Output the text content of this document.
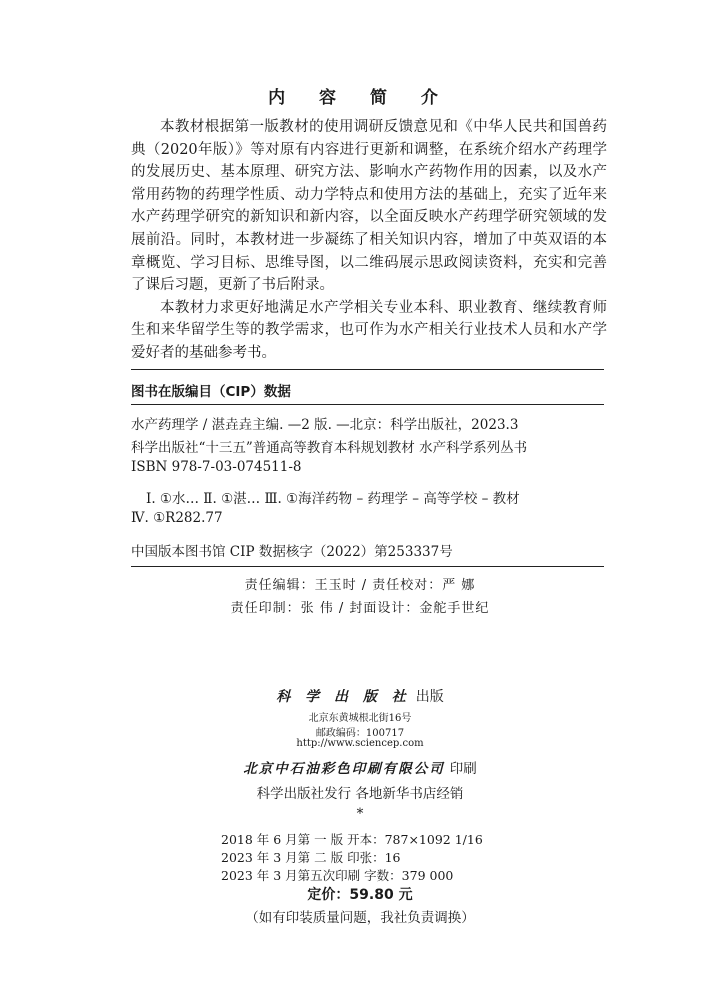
内 容 简 介

本教材根据第一版教材的使用调研反馈意见和《中华人民共和国兽药典（2020年版）》等对原有内容进行更新和调整，在系统介绍水产药理学的发展历史、基本原理、研究方法、影响水产药物作用的因素，以及水产常用药物的药理学性质、动力学特点和使用方法的基础上，充实了近年来水产药理学研究的新知识和新内容，以全面反映水产药理学研究领域的发展前沿。同时，本教材进一步凝练了相关知识内容，增加了中英双语的本章概览、学习目标、思维导图，以二维码展示思政阅读资料，充实和完善了课后习题，更新了书后附录。

本教材力求更好地满足水产学相关专业本科、职业教育、继续教育师生和来华留学生等的教学需求，也可作为水产相关行业技术人员和水产学爱好者的基础参考书。

图书在版编目（CIP）数据
水产药理学 / 湛垚垚主编. —2 版. —北京：科学出版社，2023.3
科学出版社“十三五”普通高等教育本科规划教材 水产科学系列丛书
ISBN 978-7-03-074511-8
Ⅰ. ①水… Ⅱ. ①湛… Ⅲ. ①海洋药物 – 药理学 – 高等学校 – 教材
Ⅳ. ①R282.77
中国版本图书馆 CIP 数据核字（2022）第253337号
责任编辑：王玉时 / 责任校对：严 娜
责任印制：张 伟 / 封面设计：金舵手世纪
科 学 出 版 社 出版
北京东黄城根北街16号
邮政编码：100717
http://www.sciencep.com
北京中石油彩色印刷有限公司 印刷
科学出版社发行 各地新华书店经销
*
2018 年 6 月第 一 版 开本：787×1092 1/16
2023 年 3 月第 二 版 印张：16
2023 年 3 月第五次印刷 字数：379 000
定价：59.80 元
（如有印装质量问题，我社负责调换）
